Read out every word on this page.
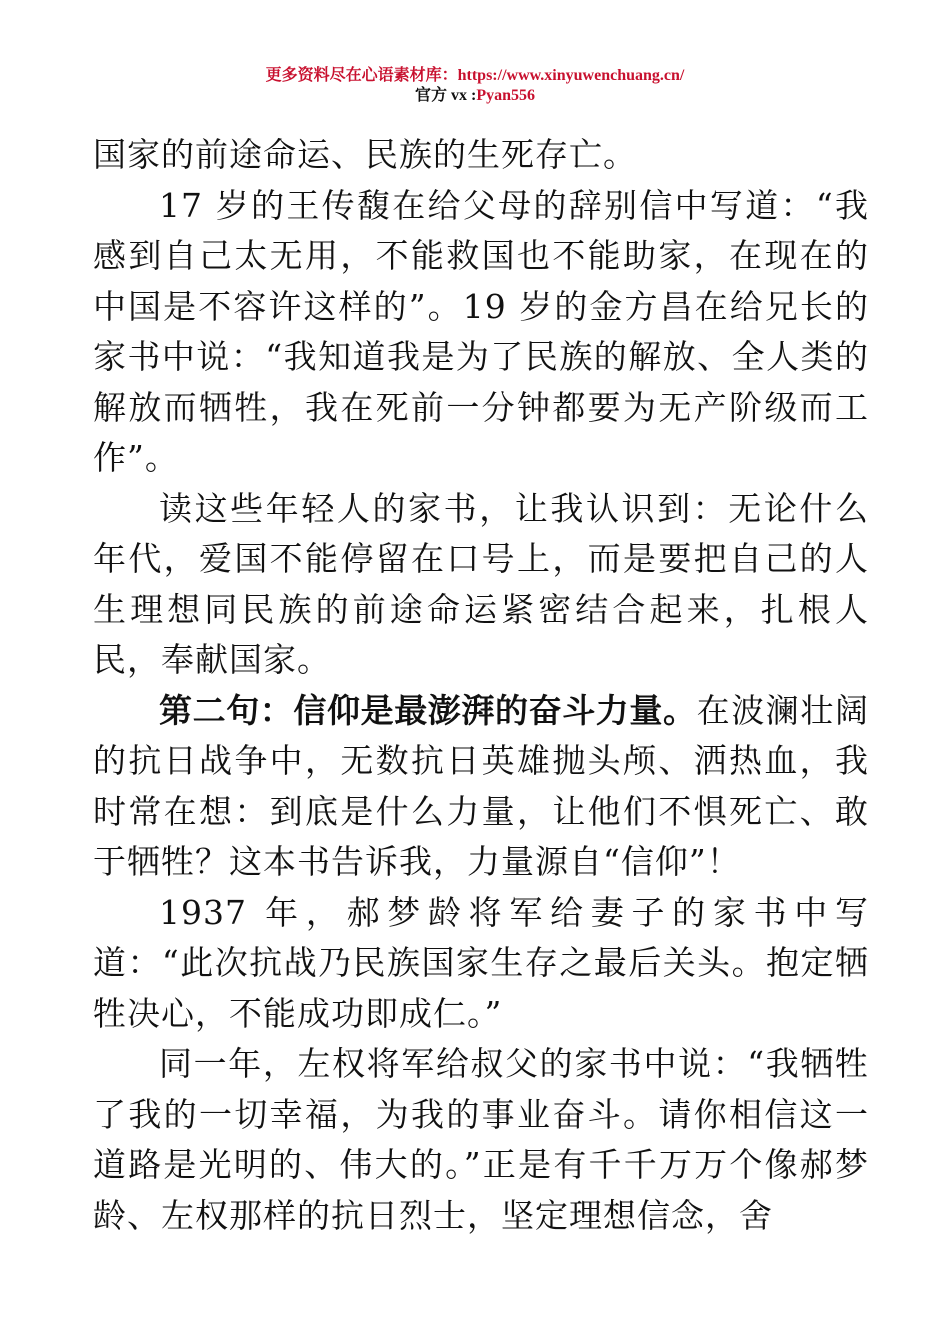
更多资料尽在心语素材库：https://www.xinyuwenchuang.cn/
官方 vx :Pyan556

国家的前途命运、民族的生死存亡。

17 岁的王传馥在给父母的辞别信中写道：“我感到自己太无用，不能救国也不能助家，在现在的中国是不容许这样的”。19 岁的金方昌在给兄长的家书中说：“我知道我是为了民族的解放、全人类的解放而牺牲，我在死前一分钟都要为无产阶级而工作”。

读这些年轻人的家书，让我认识到：无论什么年代，爱国不能停留在口号上，而是要把自己的人生理想同民族的前途命运紧密结合起来，扎根人民，奉献国家。

第二句：信仰是最澎湃的奋斗力量。在波澜壮阔的抗日战争中，无数抗日英雄抛头颅、洒热血，我时常在想：到底是什么力量，让他们不惧死亡、敢于牺牲？这本书告诉我，力量源自“信仰”！

1937 年，郝梦龄将军给妻子的家书中写道：“此次抗战乃民族国家生存之最后关头。抱定牺牲决心，不能成功即成仁。”

同一年，左权将军给叔父的家书中说：“我牺牲了我的一切幸福，为我的事业奋斗。请你相信这一道路是光明的、伟大的。”正是有千千万万个像郝梦龄、左权那样的抗日烈士，坚定理想信念，舍
